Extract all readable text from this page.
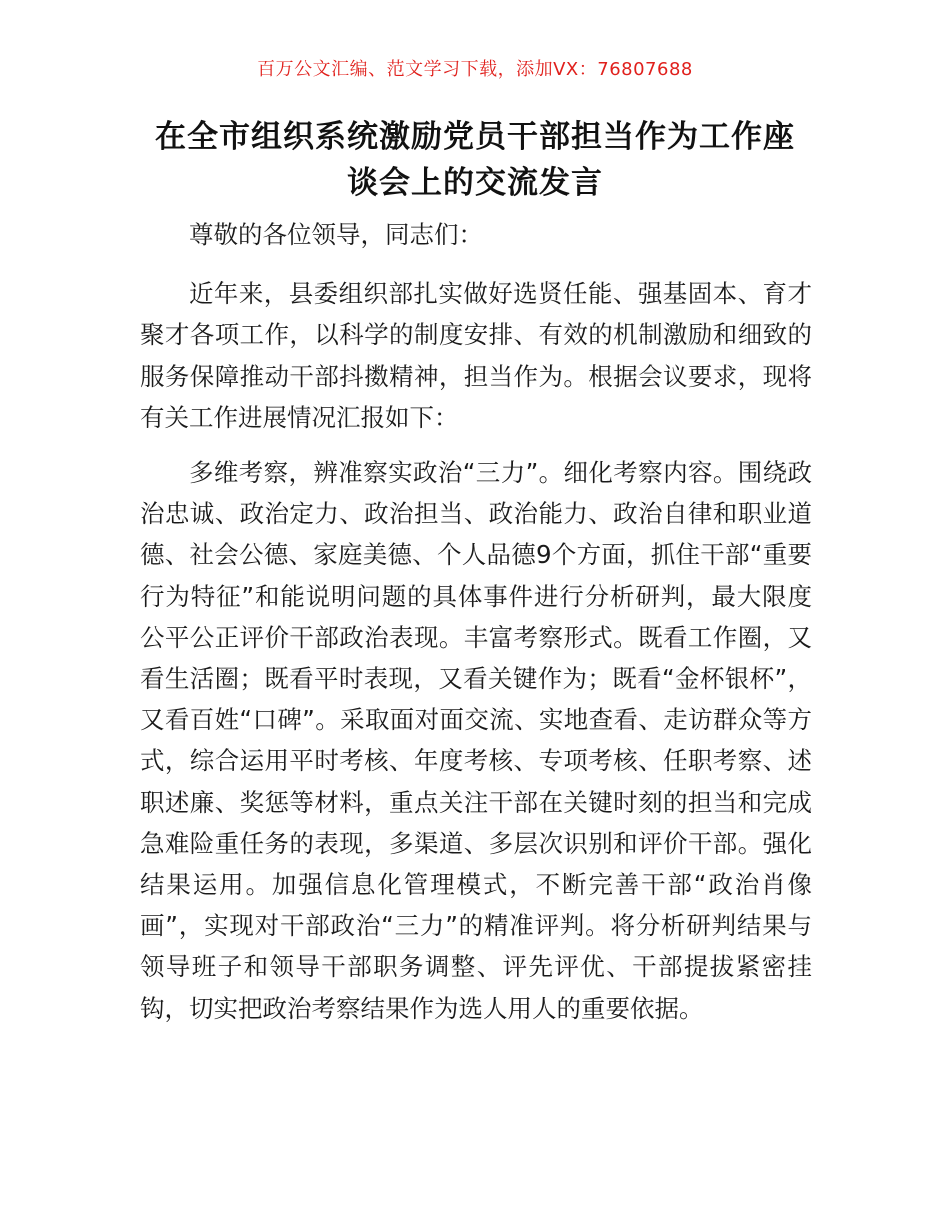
百万公文汇编、范文学习下载，添加VX：76807688
在全市组织系统激励党员干部担当作为工作座
谈会上的交流发言

尊敬的各位领导，同志们：

近年来，县委组织部扎实做好选贤任能、强基固本、育才聚才各项工作，以科学的制度安排、有效的机制激励和细致的服务保障推动干部抖擞精神，担当作为。根据会议要求，现将有关工作进展情况汇报如下：

多维考察，辨准察实政治“三力”。细化考察内容。围绕政治忠诚、政治定力、政治担当、政治能力、政治自律和职业道德、社会公德、家庭美德、个人品德9个方面，抓住干部“重要行为特征”和能说明问题的具体事件进行分析研判，最大限度公平公正评价干部政治表现。丰富考察形式。既看工作圈，又看生活圈；既看平时表现，又看关键作为；既看“金杯银杯”，又看百姓“口碑”。采取面对面交流、实地查看、走访群众等方式，综合运用平时考核、年度考核、专项考核、任职考察、述职述廉、奖惩等材料，重点关注干部在关键时刻的担当和完成急难险重任务的表现，多渠道、多层次识别和评价干部。强化结果运用。加强信息化管理模式，不断完善干部“政治肖像画”，实现对干部政治“三力”的精准评判。将分析研判结果与领导班子和领导干部职务调整、评先评优、干部提拔紧密挂钩，切实把政治考察结果作为选人用人的重要依据。
